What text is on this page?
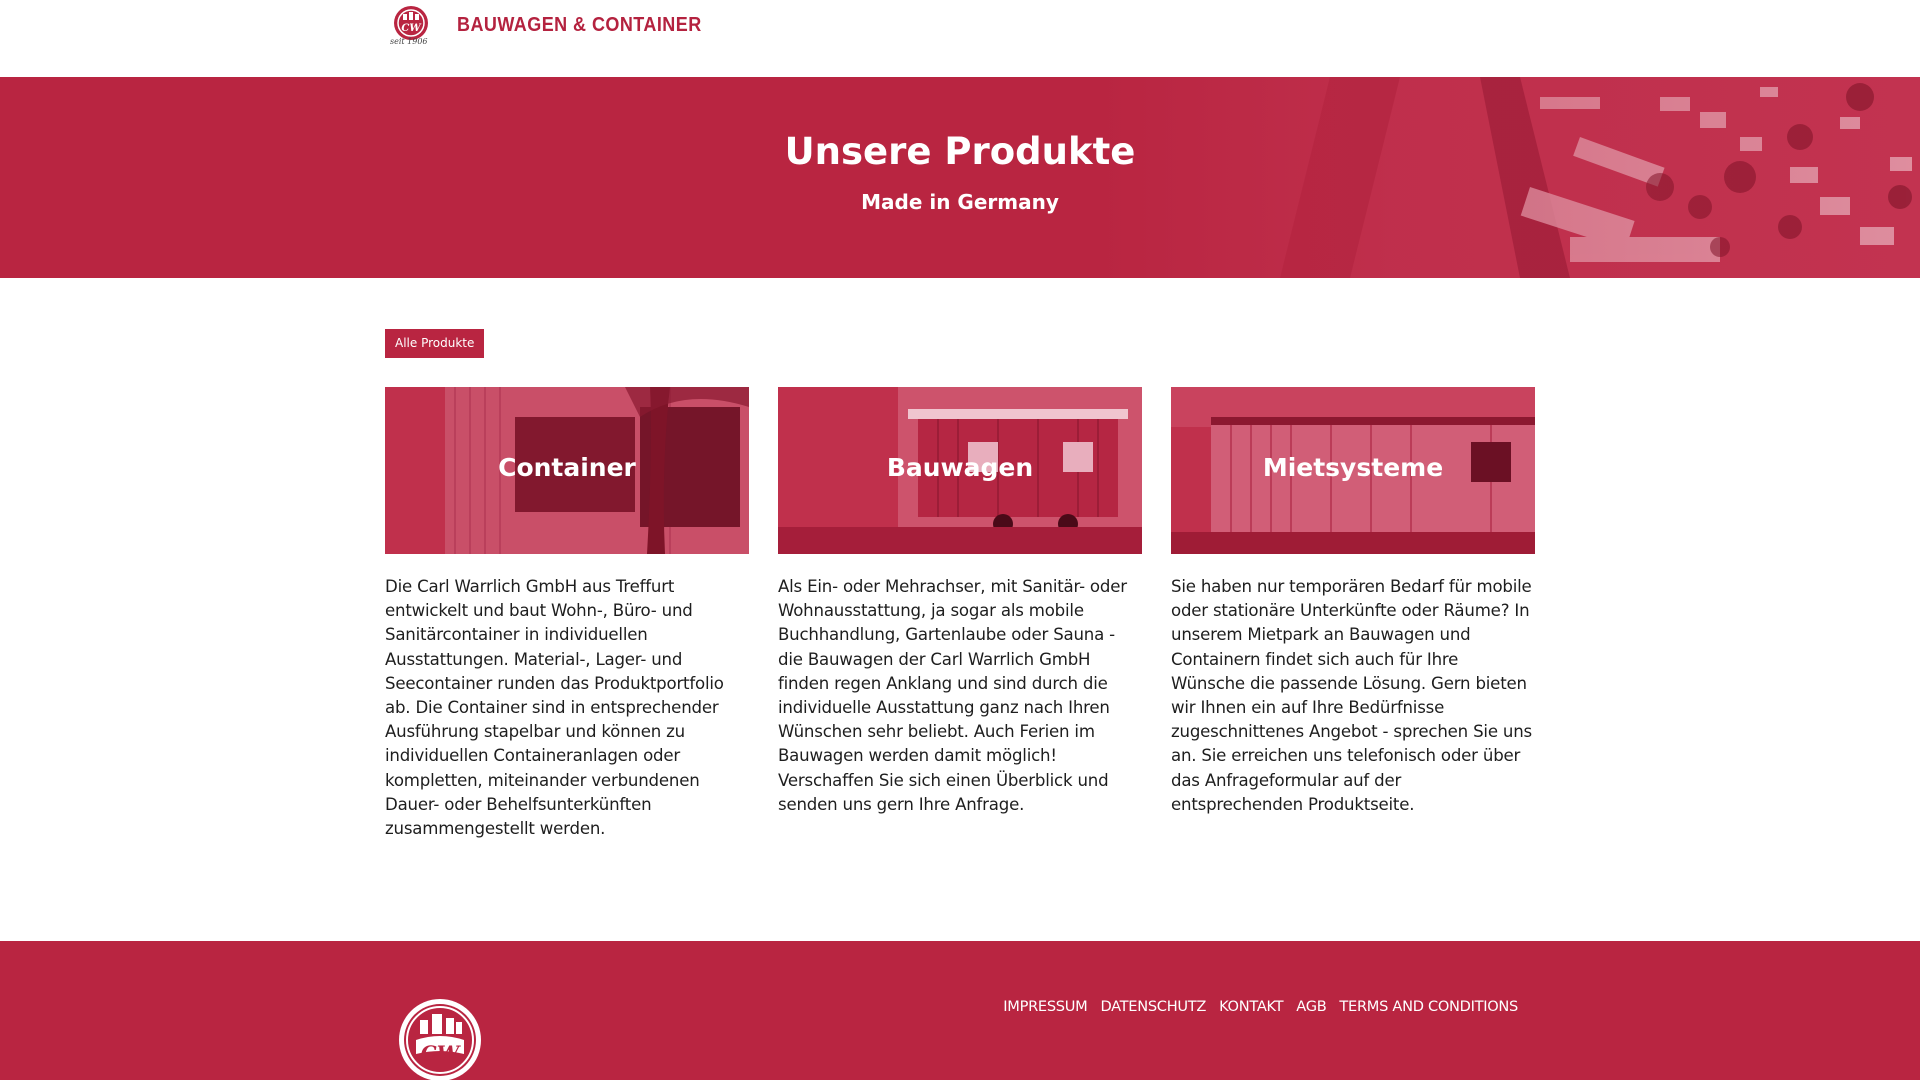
CW
seit 1906
BAUWAGEN & CONTAINER
Unsere Produkte
Made in Germany
Alle Produkte
Container

Die Carl Warrlich GmbH aus Treffurt entwickelt und baut Wohn-, Büro- und Sanitärcontainer in individuellen Ausstattungen. Material-, Lager- und Seecontainer runden das Produktportfolio ab. Die Container sind in entsprechender Ausführung stapelbar und können zu individuellen Containeranlagen oder kompletten, miteinander verbundenen Dauer- oder Behelfsunterkünften zusammengestellt werden.

Bauwagen

Als Ein- oder Mehrachser, mit Sanitär- oder Wohnausstattung, ja sogar als mobile Buchhandlung, Gartenlaube oder Sauna - die Bauwagen der Carl Warrlich GmbH finden regen Anklang und sind durch die individuelle Ausstattung ganz nach Ihren Wünschen sehr beliebt. Auch Ferien im Bauwagen werden damit möglich! Verschaffen Sie sich einen Überblick und senden uns gern Ihre Anfrage.

Mietsysteme

Sie haben nur temporären Bedarf für mobile oder stationäre Unterkünfte oder Räume? In unserem Mietpark an Bauwagen und Containern findet sich auch für Ihre Wünsche die passende Lösung. Gern bieten wir Ihnen ein auf Ihre Bedürfnisse zugeschnittenes Angebot - sprechen Sie uns an. Sie erreichen uns telefonisch oder über das Anfrageformular auf der entsprechenden Produktseite.

CW
IMPRESSUM DATENSCHUTZ KONTAKT AGB TERMS AND CONDITIONS
